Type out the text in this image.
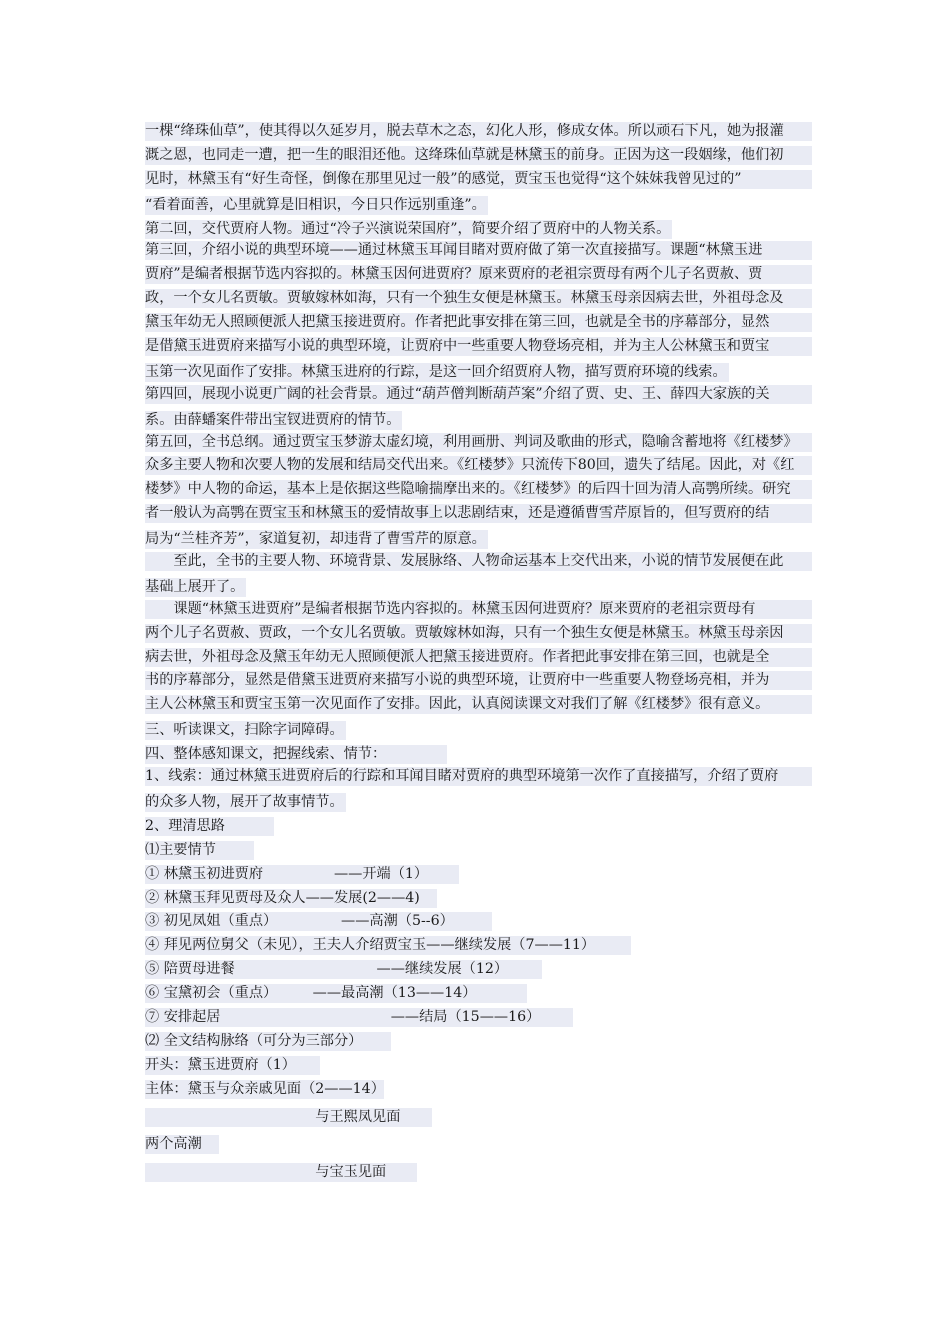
一棵“绛珠仙草”，使其得以久延岁月，脱去草木之态，幻化人形，修成女体。所以顽石下凡，她为报灌
溉之恩，也同走一遭，把一生的眼泪还他。这绛珠仙草就是林黛玉的前身。正因为这一段姻缘，他们初
见时，林黛玉有“好生奇怪，倒像在那里见过一般”的感觉，贾宝玉也觉得“这个妹妹我曾见过的”
“看着面善，心里就算是旧相识，今日只作远别重逢”。
第二回，交代贾府人物。通过“冷子兴演说荣国府”，简要介绍了贾府中的人物关系。
第三回，介绍小说的典型环境——通过林黛玉耳闻目睹对贾府做了第一次直接描写。课题“林黛玉进
贾府”是编者根据节选内容拟的。林黛玉因何进贾府？原来贾府的老祖宗贾母有两个儿子名贾赦、贾
政，一个女儿名贾敏。贾敏嫁林如海，只有一个独生女便是林黛玉。林黛玉母亲因病去世，外祖母念及
黛玉年幼无人照顾便派人把黛玉接进贾府。作者把此事安排在第三回，也就是全书的序幕部分，显然
是借黛玉进贾府来描写小说的典型环境，让贾府中一些重要人物登场亮相，并为主人公林黛玉和贾宝
玉第一次见面作了安排。林黛玉进府的行踪，是这一回介绍贾府人物，描写贾府环境的线索。
第四回，展现小说更广阔的社会背景。通过“葫芦僧判断葫芦案”介绍了贾、史、王、薛四大家族的关
系。由薛蟠案件带出宝钗进贾府的情节。
第五回，全书总纲。通过贾宝玉梦游太虚幻境，利用画册、判词及歌曲的形式，隐喻含蓄地将《红楼梦》
众多主要人物和次要人物的发展和结局交代出来。《红楼梦》只流传下80回，遗失了结尾。因此，对《红
楼梦》中人物的命运，基本上是依据这些隐喻揣摩出来的。《红楼梦》的后四十回为清人高鹗所续。研究
者一般认为高鹗在贾宝玉和林黛玉的爱情故事上以悲剧结束，还是遵循曹雪芹原旨的，但写贾府的结
局为“兰桂齐芳”，家道复初，却违背了曹雪芹的原意。
　　至此，全书的主要人物、环境背景、发展脉络、人物命运基本上交代出来，小说的情节发展便在此
基础上展开了。
　　课题“林黛玉进贾府”是编者根据节选内容拟的。林黛玉因何进贾府？原来贾府的老祖宗贾母有
两个儿子名贾赦、贾政，一个女儿名贾敏。贾敏嫁林如海，只有一个独生女便是林黛玉。林黛玉母亲因
病去世，外祖母念及黛玉年幼无人照顾便派人把黛玉接进贾府。作者把此事安排在第三回，也就是全
书的序幕部分，显然是借黛玉进贾府来描写小说的典型环境，让贾府中一些重要人物登场亮相，并为
主人公林黛玉和贾宝玉第一次见面作了安排。因此，认真阅读课文对我们了解《红楼梦》很有意义。
三、听读课文，扫除字词障碍。
四、整体感知课文，把握线索、情节：
1、线索：通过林黛玉进贾府后的行踪和耳闻目睹对贾府的典型环境第一次作了直接描写，介绍了贾府
的众多人物，展开了故事情节。
2、理清思路
⑴主要情节
① 林黛玉初进贾府　　　　　——开端（1）
② 林黛玉拜见贾母及众人——发展(2——4)
③ 初见凤姐（重点）　　　　　——高潮（5--6）
④ 拜见两位舅父（未见），王夫人介绍贾宝玉——继续发展（7——11）
⑤ 陪贾母进餐　　　　　　　　　　——继续发展（12）
⑥ 宝黛初会（重点）　　　——最高潮（13——14）
⑦ 安排起居　　　　　　　　　　　　——结局（15——16）
⑵ 全文结构脉络（可分为三部分）
开头：黛玉进贾府（1）
主体：黛玉与众亲戚见面（2——14）
　　　　　　　　　　　　与王熙凤见面
两个高潮
　　　　　　　　　　　　与宝玉见面
